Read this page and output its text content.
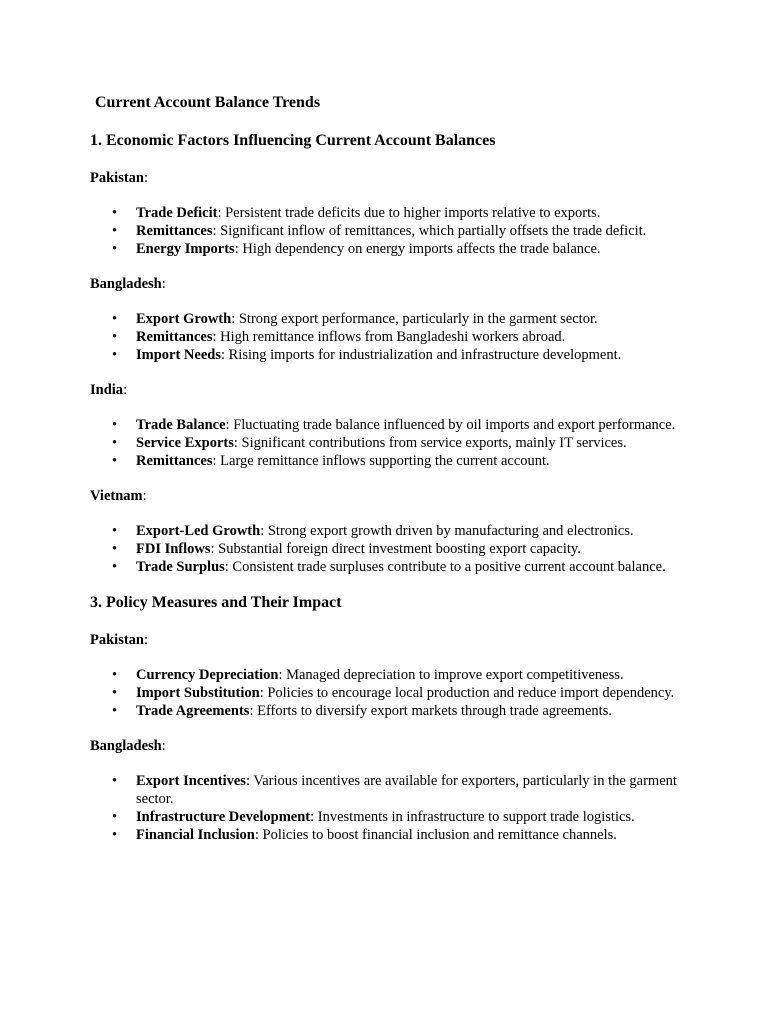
Current Account Balance Trends
1. Economic Factors Influencing Current Account Balances
Pakistan:
• Trade Deficit: Persistent trade deficits due to higher imports relative to exports.
• Remittances: Significant inflow of remittances, which partially offsets the trade deficit.
• Energy Imports: High dependency on energy imports affects the trade balance.
Bangladesh:
• Export Growth: Strong export performance, particularly in the garment sector.
• Remittances: High remittance inflows from Bangladeshi workers abroad.
• Import Needs: Rising imports for industrialization and infrastructure development.
India:
• Trade Balance: Fluctuating trade balance influenced by oil imports and export performance.
• Service Exports: Significant contributions from service exports, mainly IT services.
• Remittances: Large remittance inflows supporting the current account.
Vietnam:
• Export-Led Growth: Strong export growth driven by manufacturing and electronics.
• FDI Inflows: Substantial foreign direct investment boosting export capacity.
• Trade Surplus: Consistent trade surpluses contribute to a positive current account balance.
3. Policy Measures and Their Impact
Pakistan:
• Currency Depreciation: Managed depreciation to improve export competitiveness.
• Import Substitution: Policies to encourage local production and reduce import dependency.
• Trade Agreements: Efforts to diversify export markets through trade agreements.
Bangladesh:
• Export Incentives: Various incentives are available for exporters, particularly in the garment sector.
• Infrastructure Development: Investments in infrastructure to support trade logistics.
• Financial Inclusion: Policies to boost financial inclusion and remittance channels.
